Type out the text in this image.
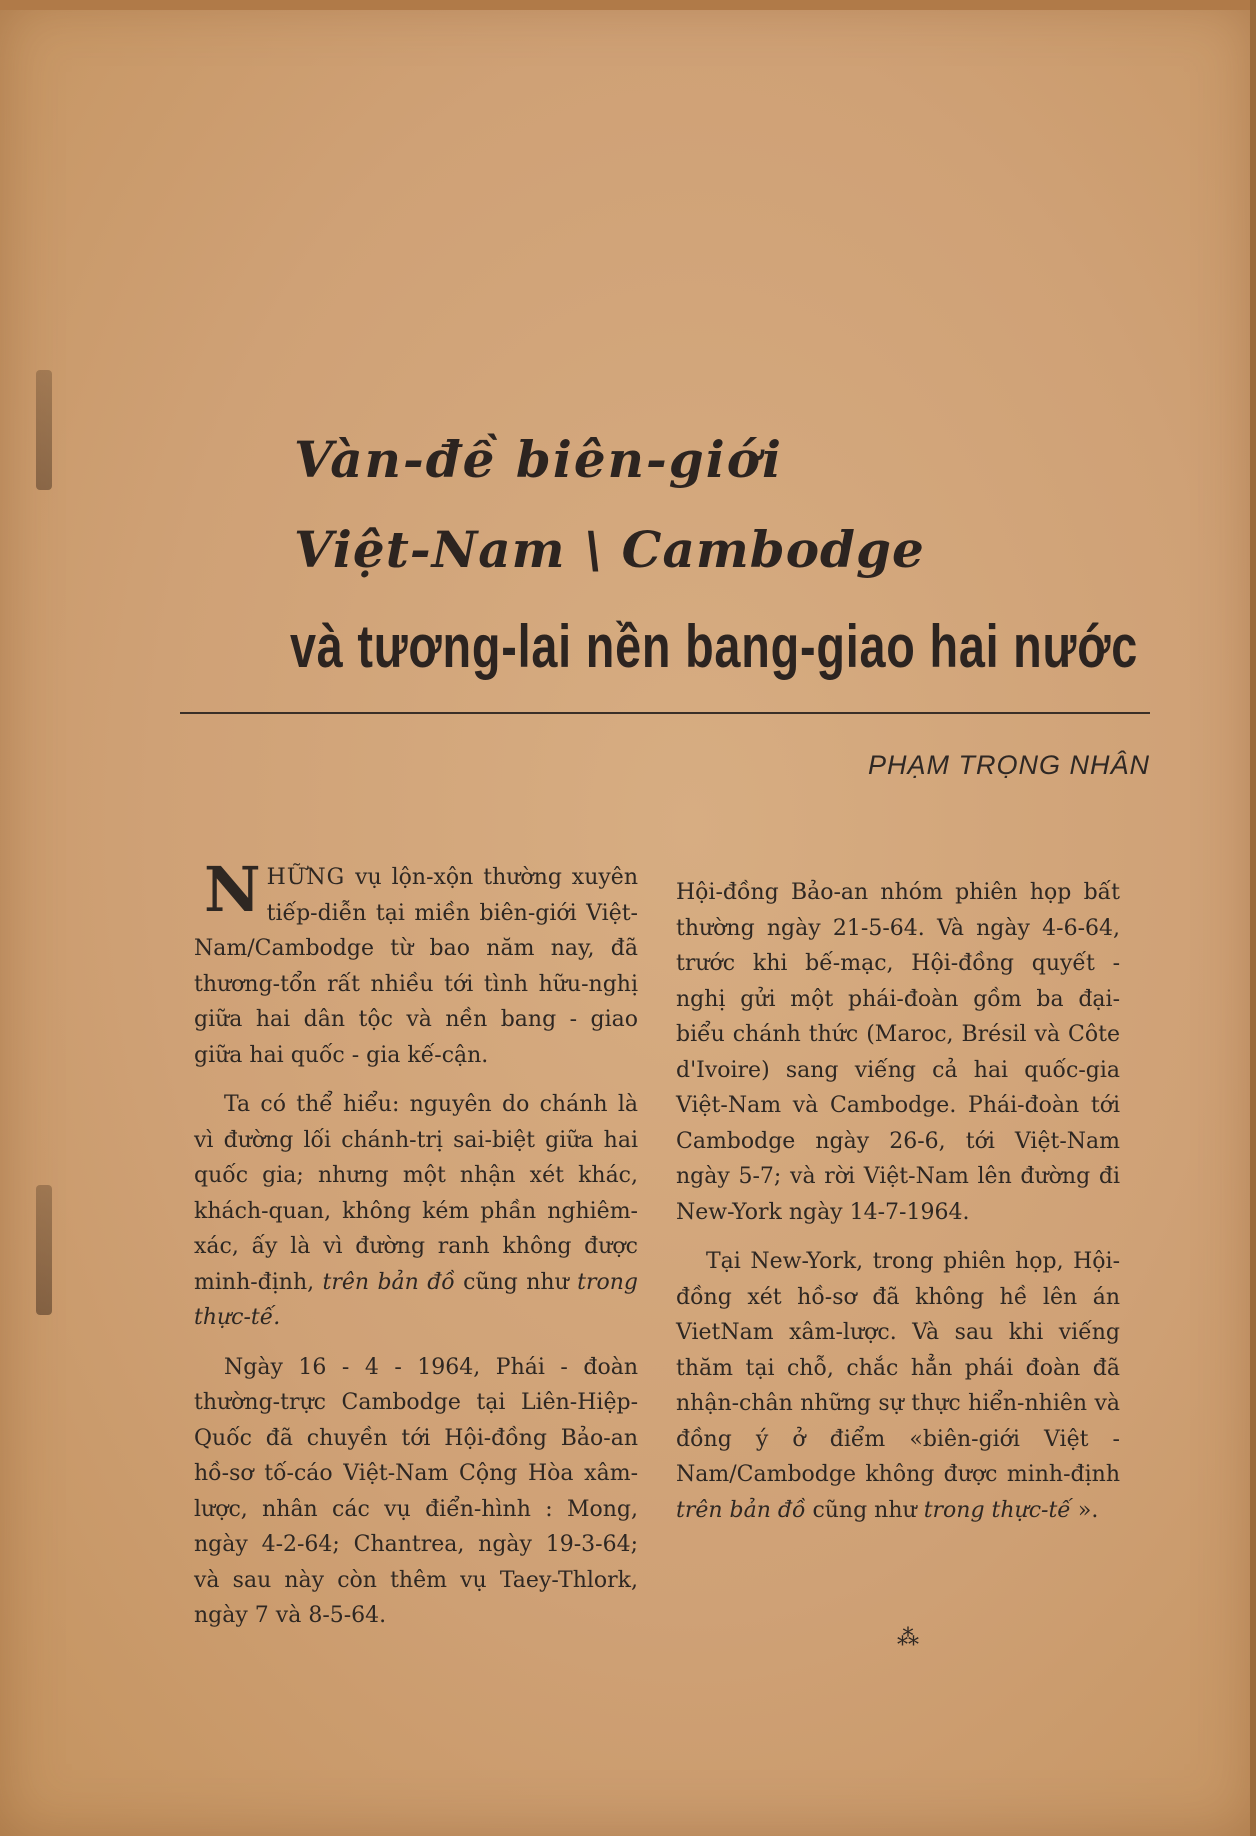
Vàn-đề biên-giới
Việt-Nam \ Cambodge
và tương-lai nền bang-giao hai nước
PHẠM TRỌNG NHÂN

NHỮNG vụ lộn-xộn thường xuyên tiếp-diễn tại miền biên-giới Việt-Nam/Cambodge từ bao năm nay, đã thương-tổn rất nhiều tới tình hữu-nghị giữa hai dân tộc và nền bang - giao giữa hai quốc - gia kế-cận.

Ta có thể hiểu: nguyên do chánh là vì đường lối chánh-trị sai-biệt giữa hai quốc gia; nhưng một nhận xét khác, khách-quan, không kém phần nghiêm-xác, ấy là vì đường ranh không được minh-định, trên bản đồ cũng như trong thực-tế.

Ngày 16 - 4 - 1964, Phái - đoàn thường-trực Cambodge tại Liên-Hiệp-Quốc đã chuyền tới Hội-đồng Bảo-an hồ-sơ tố-cáo Việt-Nam Cộng Hòa xâm-lược, nhân các vụ điển-hình : Mong, ngày 4-2-64; Chantrea, ngày 19-3-64; và sau này còn thêm vụ Taey-Thlork, ngày 7 và 8-5-64.

Hội-đồng Bảo-an nhóm phiên họp bất thường ngày 21-5-64. Và ngày 4-6-64, trước khi bế-mạc, Hội-đồng quyết - nghị gửi một phái-đoàn gồm ba đại-biểu chánh thức (Maroc, Brésil và Côte d'Ivoire) sang viếng cả hai quốc-gia Việt-Nam và Cambodge. Phái-đoàn tới Cambodge ngày 26-6, tới Việt-Nam ngày 5-7; và rời Việt-Nam lên đường đi New-York ngày 14-7-1964.

Tại New-York, trong phiên họp, Hội-đồng xét hồ-sơ đã không hề lên án VietNam xâm-lược. Và sau khi viếng thăm tại chỗ, chắc hẳn phái đoàn đã nhận-chân những sự thực hiển-nhiên và đồng ý ở điểm «biên-giới Việt - Nam/Cambodge không được minh-định trên bản đồ cũng như trong thực-tế ».

⁂
